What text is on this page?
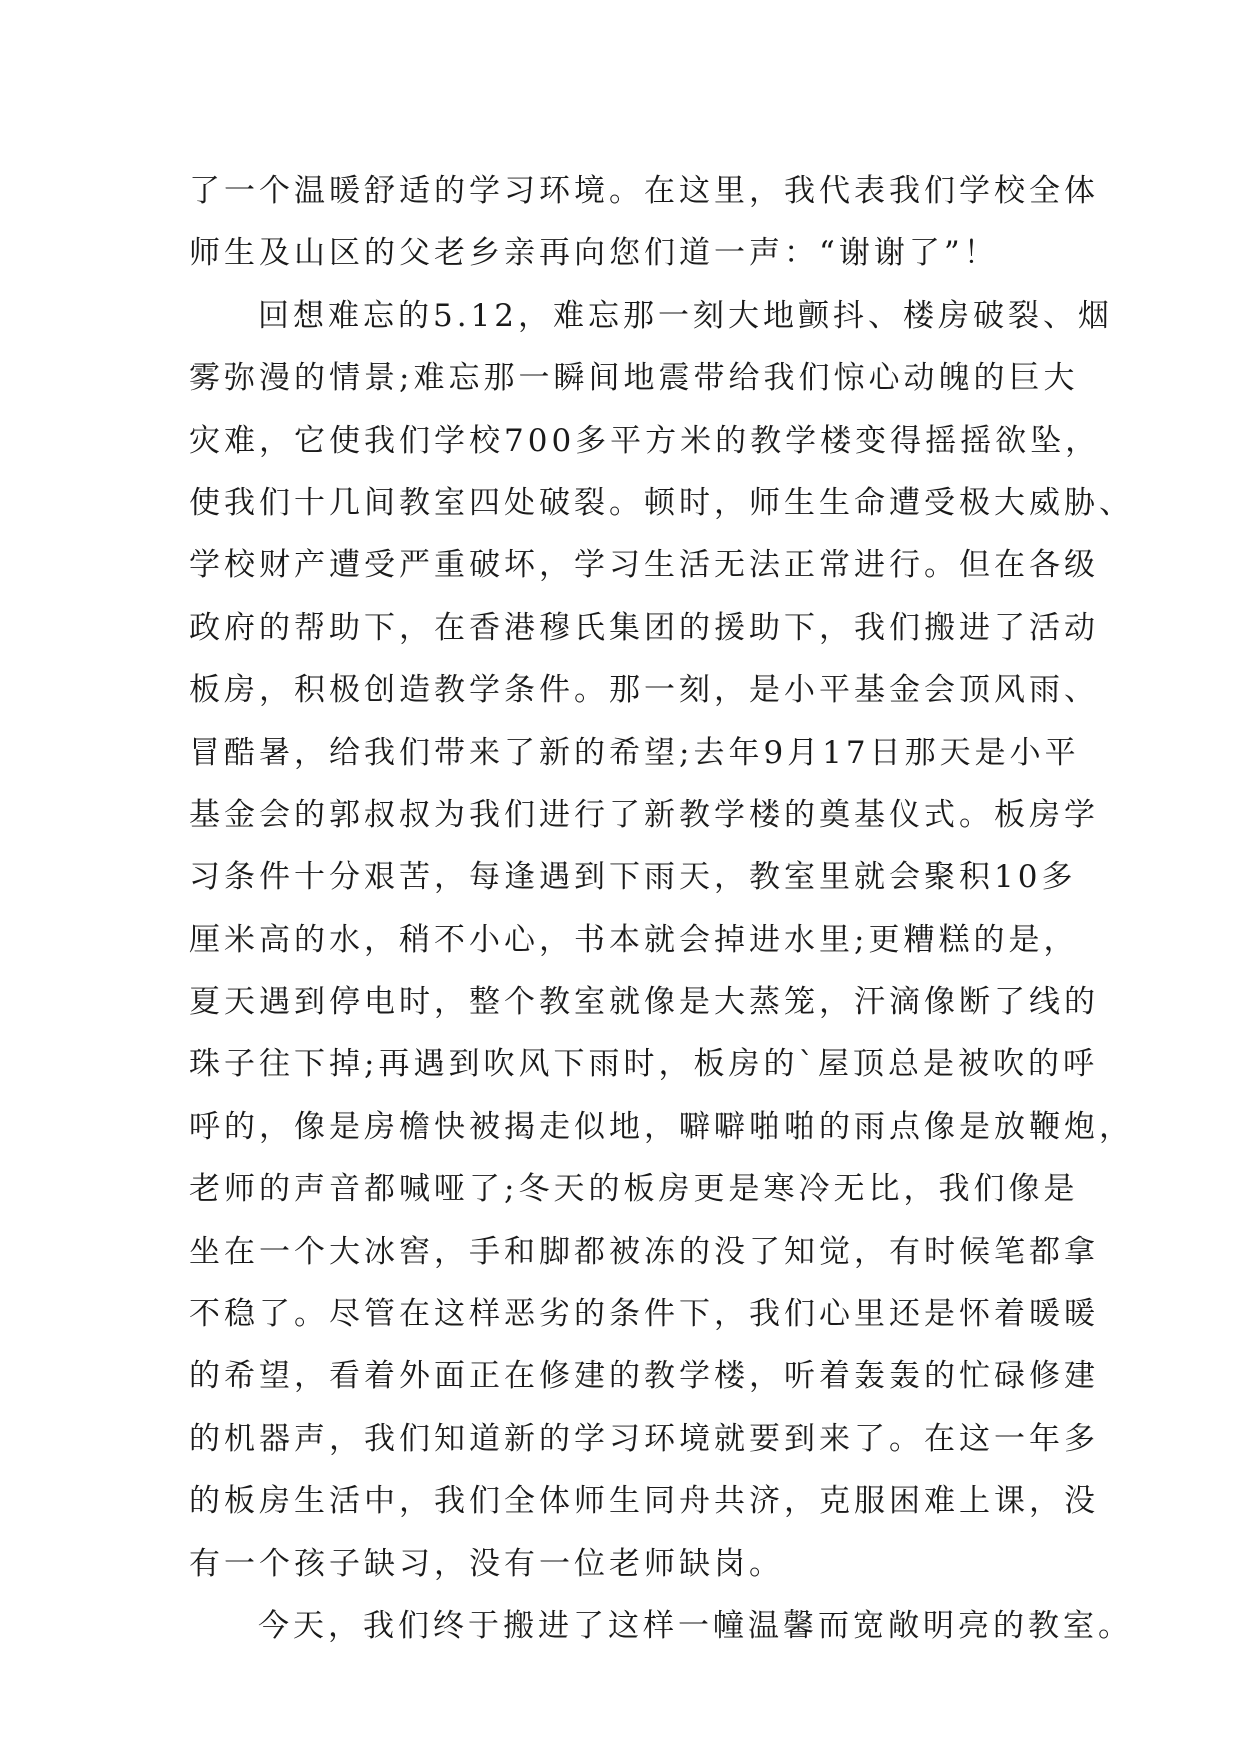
了一个温暖舒适的学习环境。在这里，我代表我们学校全体
师生及山区的父老乡亲再向您们道一声：“谢谢了”！
回想难忘的5.12，难忘那一刻大地颤抖、楼房破裂、烟
雾弥漫的情景;难忘那一瞬间地震带给我们惊心动魄的巨大
灾难，它使我们学校700多平方米的教学楼变得摇摇欲坠，
使我们十几间教室四处破裂。顿时，师生生命遭受极大威胁、
学校财产遭受严重破坏，学习生活无法正常进行。但在各级
政府的帮助下，在香港穆氏集团的援助下，我们搬进了活动
板房，积极创造教学条件。那一刻，是小平基金会顶风雨、
冒酷暑，给我们带来了新的希望;去年9月17日那天是小平
基金会的郭叔叔为我们进行了新教学楼的奠基仪式。板房学
习条件十分艰苦，每逢遇到下雨天，教室里就会聚积10多
厘米高的水，稍不小心，书本就会掉进水里;更糟糕的是，
夏天遇到停电时，整个教室就像是大蒸笼，汗滴像断了线的
珠子往下掉;再遇到吹风下雨时，板房的`屋顶总是被吹的呼
呼的，像是房檐快被揭走似地，噼噼啪啪的雨点像是放鞭炮，
老师的声音都喊哑了;冬天的板房更是寒冷无比，我们像是
坐在一个大冰窖，手和脚都被冻的没了知觉，有时候笔都拿
不稳了。尽管在这样恶劣的条件下，我们心里还是怀着暖暖
的希望，看着外面正在修建的教学楼，听着轰轰的忙碌修建
的机器声，我们知道新的学习环境就要到来了。在这一年多
的板房生活中，我们全体师生同舟共济，克服困难上课，没
有一个孩子缺习，没有一位老师缺岗。
今天，我们终于搬进了这样一幢温馨而宽敞明亮的教室。
